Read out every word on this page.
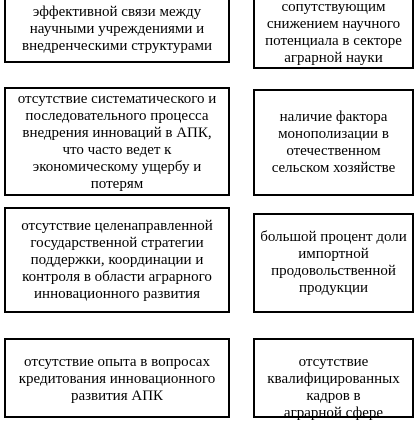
эффективной связи между
научными учреждениями и
внедренческими структурами
сопутствующим
снижением научного
потенциала в секторе
аграрной науки
отсутствие систематического и
последовательного процесса
внедрения инноваций в АПК,
что часто ведет к
экономическому ущербу и
потерям
наличие фактора
монополизации в
отечественном
сельском хозяйстве
отсутствие целенаправленной
государственной стратегии
поддержки, координации и
контроля в области аграрного
инновационного развития
большой процент доли
импортной
продовольственной
продукции
отсутствие опыта в вопросах
кредитования инновационного
развития АПК
отсутствие
квалифицированных
кадров в
аграрной сфере
